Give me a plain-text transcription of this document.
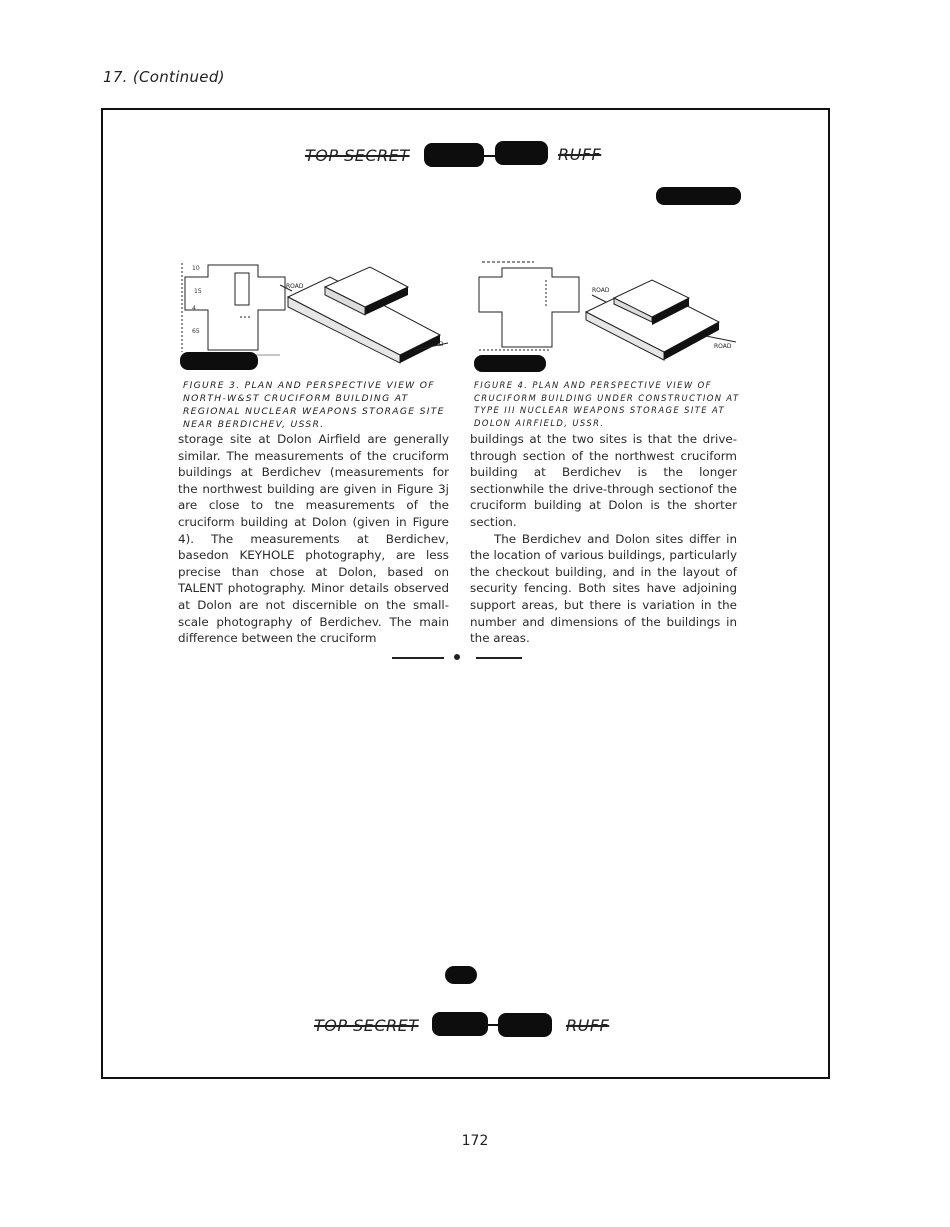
17. (Continued)
TOP SECRET	RUFF
10
15
4
65
ROAD
FIGURE 3. PLAN AND PERSPECTIVE VIEW OF NORTH-W&ST CRUCIFORM BUILDING AT REGIONAL NUCLEAR WEAPONS STORAGE SITE NEAR BERDICHEV, USSR.
ROAD
ROAD
FIGURE 4. PLAN AND PERSPECTIVE VIEW OF CRUCIFORM BUILDING UNDER CONSTRUCTION AT TYPE III NUCLEAR WEAPONS STORAGE SITE AT DOLON AIRFIELD, USSR.

storage site at Dolon Airfield are generally similar. The measurements of the cruciform buildings at Berdichev (measurements for the northwest building are given in Figure 3j are close to tne measurements of the cruciform building at Dolon (given in Figure 4). The measurements at Berdichev, basedon KEYHOLE photography, are less precise than chose at Dolon, based on TALENT photography. Minor details observed at Dolon are not discernible on the small-scale photography of Berdichev. The main difference between the cruciform

buildings at the two sites is that the drive-through section of the northwest cruciform building at Berdichev is the longer sectionwhile the drive-through sectionof the cruciform building at Dolon is the shorter section.

The Berdichev and Dolon sites differ in the location of various buildings, particularly the checkout building, and in the layout of security fencing. Both sites have adjoining support areas, but there is variation in the number and dimensions of the buildings in the areas.

TOP SECRET	RUFF
172
